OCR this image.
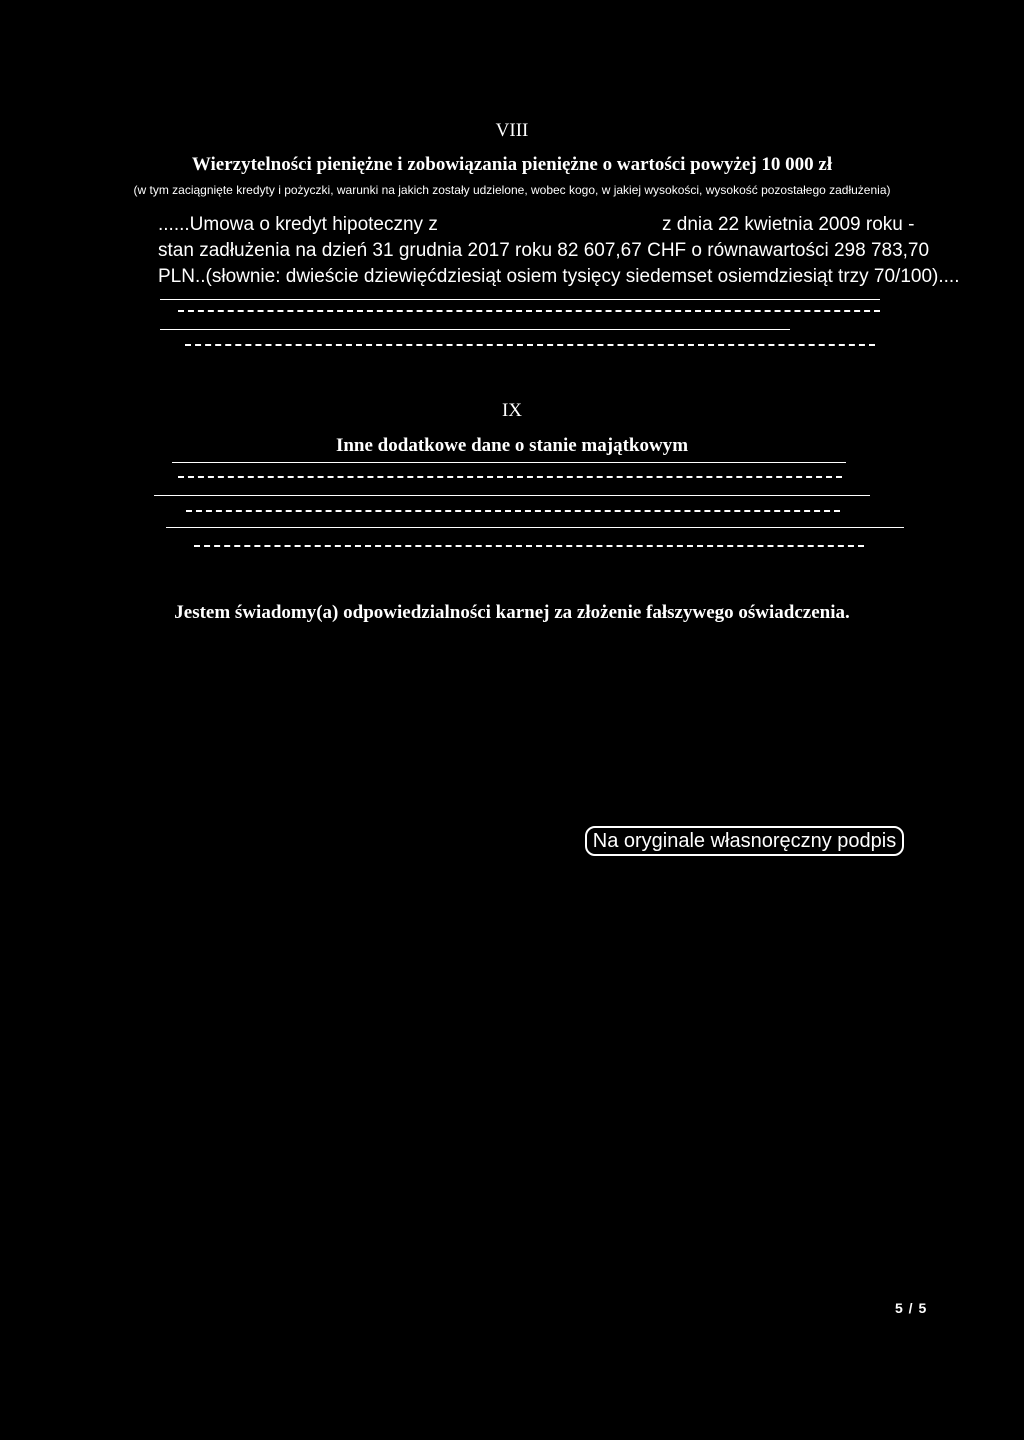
VIII
Wierzytelności pieniężne i zobowiązania pieniężne o wartości powyżej 10 000 zł
(w tym zaciągnięte kredyty i pożyczki, warunki na jakich zostały udzielone, wobec kogo, w jakiej wysokości, wysokość pozostałego zadłużenia)
......Umowa o kredyt hipoteczny z	z dnia 22 kwietnia 2009 roku -
stan zadłużenia na dzień 31 grudnia 2017 roku 82 607,67 CHF o równawartości 298 783,70
PLN..(słownie: dwieście dziewięćdziesiąt osiem tysięcy siedemset osiemdziesiąt trzy 70/100)....
IX
Inne dodatkowe dane o stanie majątkowym
Jestem świadomy(a) odpowiedzialności karnej za złożenie fałszywego oświadczenia.
Na oryginale własnoręczny podpis
5 / 5
